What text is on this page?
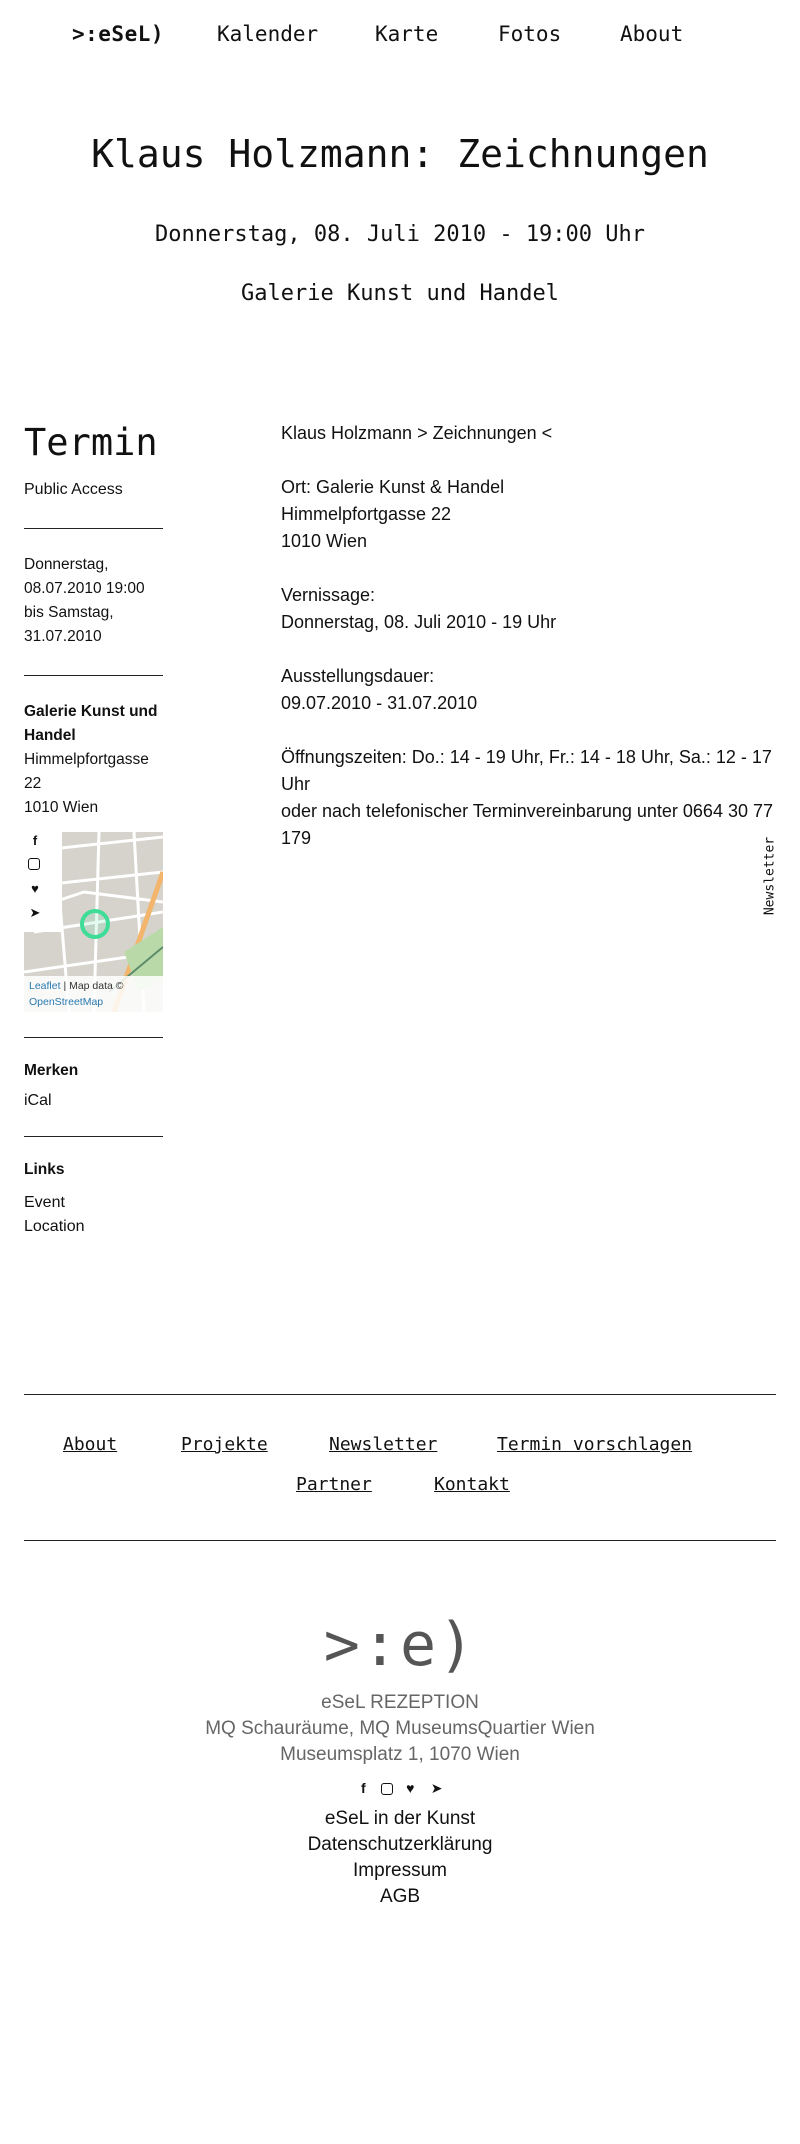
>:eSeL)	Kalender	Karte	Fotos	About
Klaus Holzmann: Zeichnungen
Donnerstag, 08. Juli 2010 - 19:00 Uhr
Galerie Kunst und Handel
Termin
Public Access
Donnerstag,
08.07.2010 19:00
bis Samstag,
31.07.2010
Galerie Kunst und Handel
Himmelpfortgasse
22
1010 Wien
Leaflet | Map data ©
OpenStreetMap
f
♥
➤
Merken
iCal
Links
Event
Location

Klaus Holzmann > Zeichnungen <

Ort: Galerie Kunst & Handel
Himmelpfortgasse 22
1010 Wien

Vernissage:
Donnerstag, 08. Juli 2010 - 19 Uhr

Ausstellungsdauer:
09.07.2010 - 31.07.2010

Öffnungszeiten: Do.: 14 - 19 Uhr, Fr.: 14 - 18 Uhr, Sa.: 12 - 17 Uhr
oder nach telefonischer Terminvereinbarung unter 0664 30 77 179	Newsletter
About	Projekte	Newsletter	Termin vorschlagen
Partner	Kontakt
>:e)
eSeL REZEPTION
MQ Schauräume, MQ MuseumsQuartier Wien
Museumsplatz 1, 1070 Wien
f	♥ ➤
eSeL in der Kunst
Datenschutzerklärung
Impressum
AGB
